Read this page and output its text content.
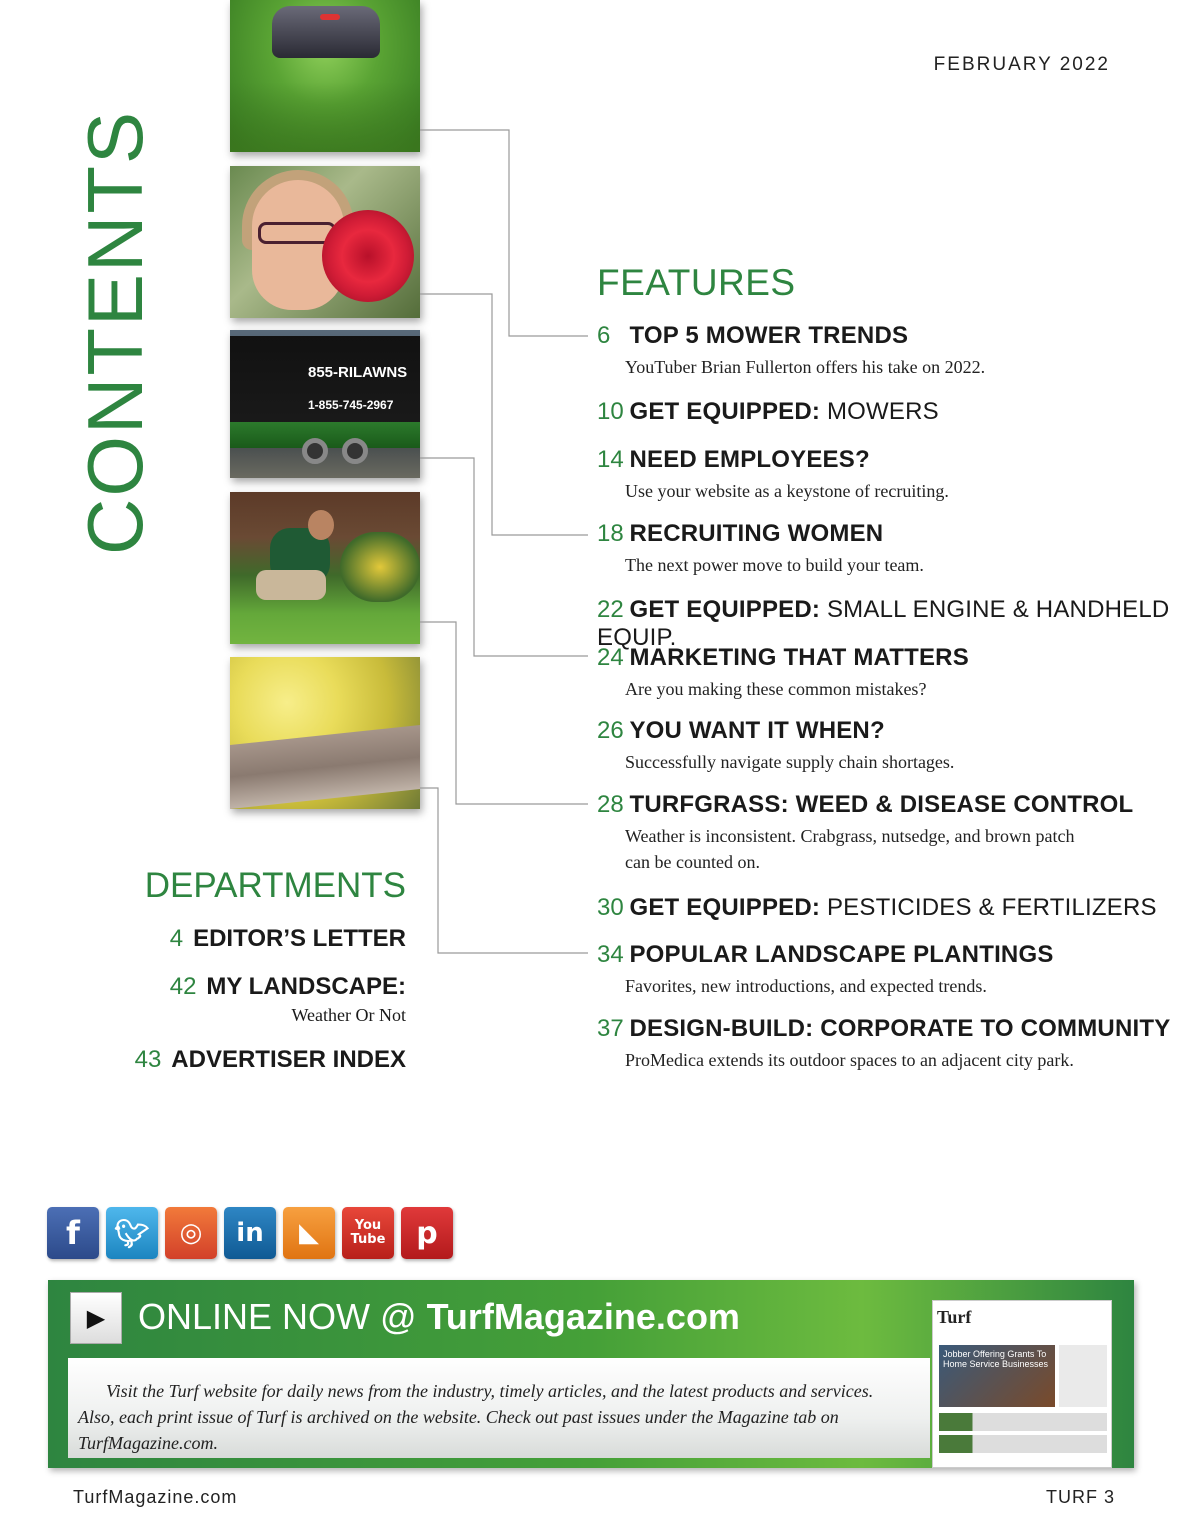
FEBRUARY 2022
CONTENTS	855-RILAWNS
1-855-745-2967
FEATURES
6 TOP 5 MOWER TRENDS
YouTuber Brian Fullerton offers his take on 2022.
10 GET EQUIPPED: MOWERS
14 NEED EMPLOYEES?
Use your website as a keystone of recruiting.
18 RECRUITING WOMEN
The next power move to build your team.
22 GET EQUIPPED: SMALL ENGINE & HANDHELD EQUIP.
24 MARKETING THAT MATTERS
Are you making these common mistakes?
26 YOU WANT IT WHEN?
Successfully navigate supply chain shortages.
28 TURFGRASS: WEED & DISEASE CONTROL
Weather is inconsistent. Crabgrass, nutsedge, and brown patch
can be counted on.
30 GET EQUIPPED: PESTICIDES & FERTILIZERS
34 POPULAR LANDSCAPE PLANTINGS
Favorites, new introductions, and expected trends.
37 DESIGN-BUILD: CORPORATE TO COMMUNITY
ProMedica extends its outdoor spaces to an adjacent city park.
DEPARTMENTS
4 EDITOR’S LETTER
42 MY LANDSCAPE:
Weather Or Not
43 ADVERTISER INDEX
f 🐦︎	◎	in	◣	You
Tube p
▶ ONLINE NOW @ TurfMagazine.com
Visit the Turf website for daily news from the industry, timely articles, and the latest products and services.
Also, each print issue of Turf is archived on the website. Check out past issues under the Magazine tab on
TurfMagazine.com.
Turf
Jobber Offering Grants To Home Service Businesses
TurfMagazine.com	TURF 3
